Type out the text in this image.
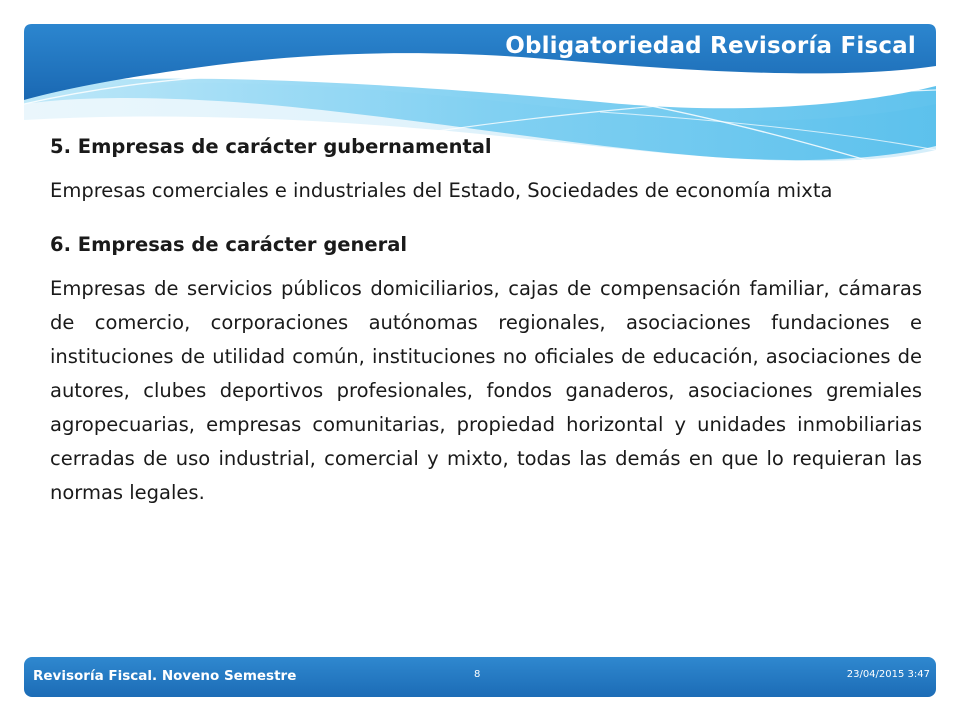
Obligatoriedad Revisoría Fiscal

5. Empresas de carácter gubernamental

Empresas comerciales e industriales del Estado, Sociedades de economía mixta

6. Empresas de carácter general

Empresas de servicios públicos domiciliarios, cajas de compensación familiar, cámaras de comercio, corporaciones autónomas regionales, asociaciones fundaciones e instituciones de utilidad común, instituciones no oficiales de educación, asociaciones de autores, clubes deportivos profesionales, fondos ganaderos, asociaciones gremiales agropecuarias, empresas comunitarias, propiedad horizontal y unidades inmobiliarias cerradas de uso industrial, comercial y mixto, todas las demás en que lo requieran las normas legales.

Revisoría Fiscal. Noveno Semestre	8	23/04/2015 3:47
